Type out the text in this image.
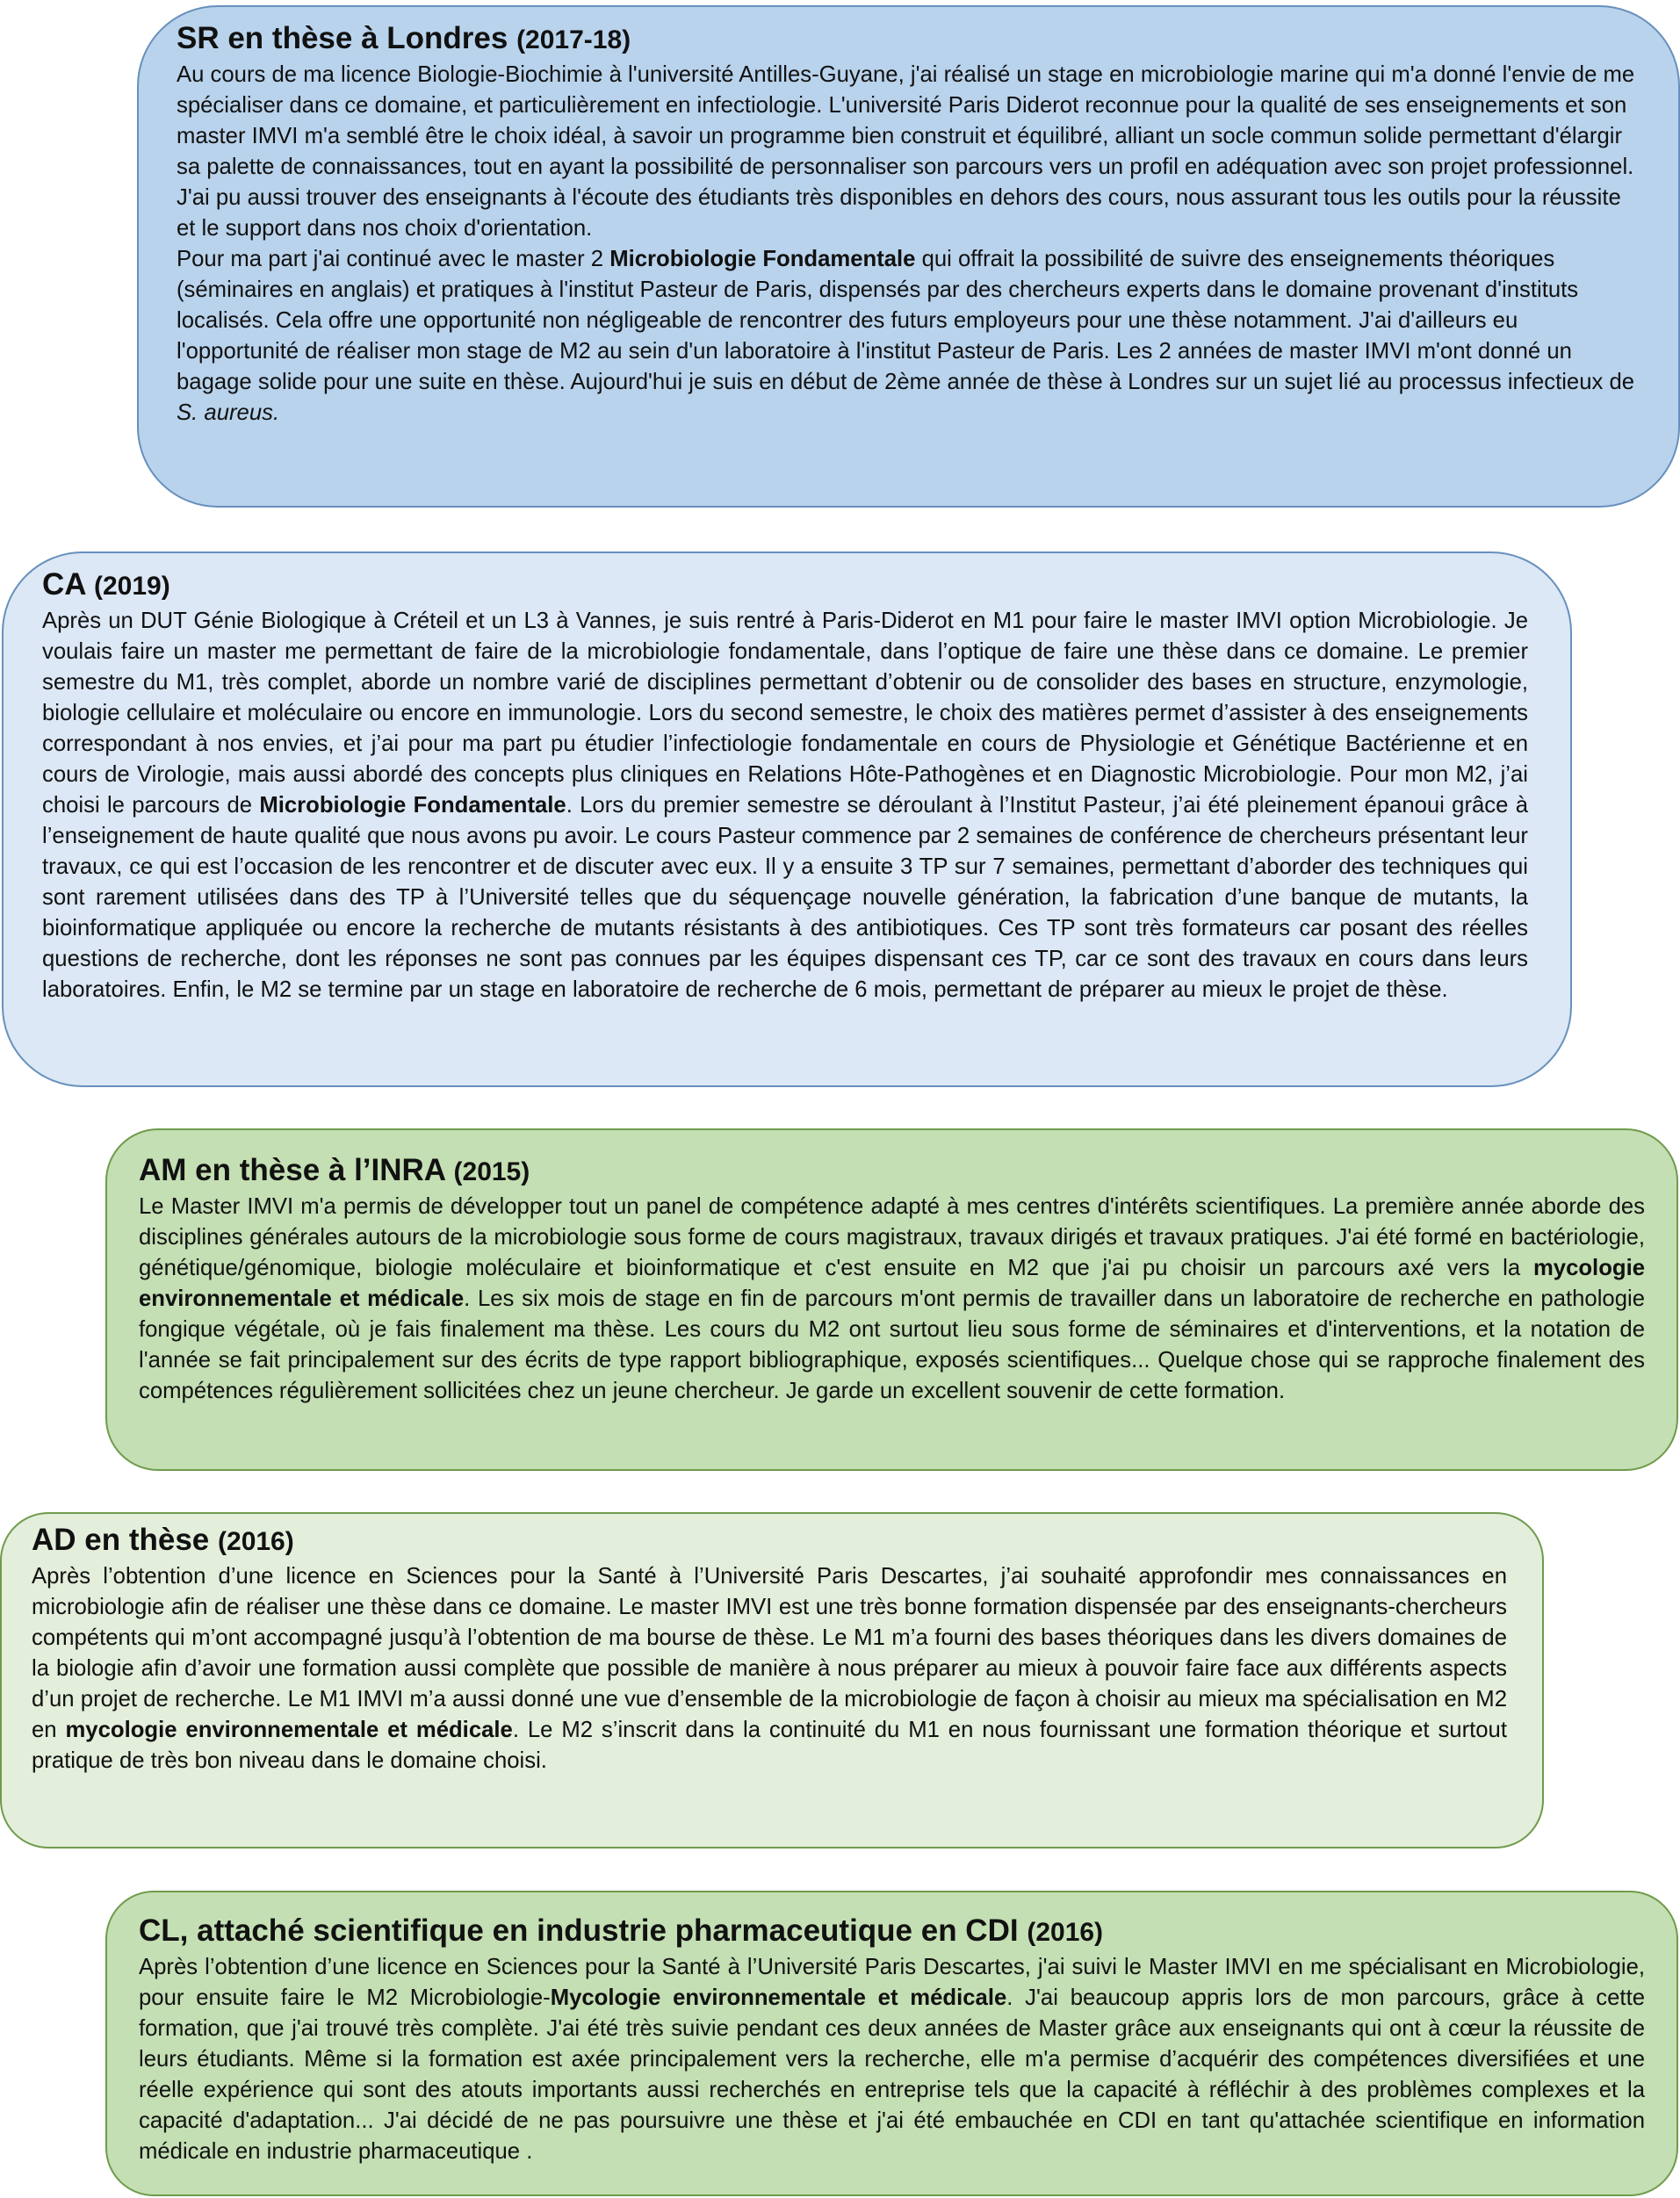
SR en thèse à Londres (2017-18)

Au cours de ma licence Biologie-Biochimie à l'université Antilles-Guyane, j'ai réalisé un stage en microbiologie marine qui m'a donné l'envie de me spécialiser dans ce domaine, et particulièrement en infectiologie. L'université Paris Diderot reconnue pour la qualité de ses enseignements et son master IMVI m'a semblé être le choix idéal, à savoir un programme bien construit et équilibré, alliant un socle commun solide permettant d'élargir sa palette de connaissances, tout en ayant la possibilité de personnaliser son parcours vers un profil en adéquation avec son projet professionnel. J'ai pu aussi trouver des enseignants à l'écoute des étudiants très disponibles en dehors des cours, nous assurant tous les outils pour la réussite et le support dans nos choix d'orientation.

Pour ma part j'ai continué avec le master 2 Microbiologie Fondamentale qui offrait la possibilité de suivre des enseignements théoriques (séminaires en anglais) et pratiques à l'institut Pasteur de Paris, dispensés par des chercheurs experts dans le domaine provenant d'instituts localisés. Cela offre une opportunité non négligeable de rencontrer des futurs employeurs pour une thèse notamment. J'ai d'ailleurs eu l'opportunité de réaliser mon stage de M2 au sein d'un laboratoire à l'institut Pasteur de Paris. Les 2 années de master IMVI m'ont donné un bagage solide pour une suite en thèse. Aujourd'hui je suis en début de 2ème année de thèse à Londres sur un sujet lié au processus infectieux de S. aureus.

CA (2019)

Après un DUT Génie Biologique à Créteil et un L3 à Vannes, je suis rentré à Paris-Diderot en M1 pour faire le master IMVI option Microbiologie. Je voulais faire un master me permettant de faire de la microbiologie fondamentale, dans l’optique de faire une thèse dans ce domaine. Le premier semestre du M1, très complet, aborde un nombre varié de disciplines permettant d’obtenir ou de consolider des bases en structure, enzymologie, biologie cellulaire et moléculaire ou encore en immunologie. Lors du second semestre, le choix des matières permet d’assister à des enseignements correspondant à nos envies, et j’ai pour ma part pu étudier l’infectiologie fondamentale en cours de Physiologie et Génétique Bactérienne et en cours de Virologie, mais aussi abordé des concepts plus cliniques en Relations Hôte-Pathogènes et en Diagnostic Microbiologie. Pour mon M2, j’ai choisi le parcours de Microbiologie Fondamentale. Lors du premier semestre se déroulant à l’Institut Pasteur, j’ai été pleinement épanoui grâce à l’enseignement de haute qualité que nous avons pu avoir. Le cours Pasteur commence par 2 semaines de conférence de chercheurs présentant leur travaux, ce qui est l’occasion de les rencontrer et de discuter avec eux. Il y a ensuite 3 TP sur 7 semaines, permettant d’aborder des techniques qui sont rarement utilisées dans des TP à l’Université telles que du séquençage nouvelle génération, la fabrication d’une banque de mutants, la bioinformatique appliquée ou encore la recherche de mutants résistants à des antibiotiques. Ces TP sont très formateurs car posant des réelles questions de recherche, dont les réponses ne sont pas connues par les équipes dispensant ces TP, car ce sont des travaux en cours dans leurs laboratoires. Enfin, le M2 se termine par un stage en laboratoire de recherche de 6 mois, permettant de préparer au mieux le projet de thèse.

AM en thèse à l’INRA (2015)

Le Master IMVI m'a permis de développer tout un panel de compétence adapté à mes centres d'intérêts scientifiques. La première année aborde des disciplines générales autours de la microbiologie sous forme de cours magistraux, travaux dirigés et travaux pratiques. J'ai été formé en bactériologie, génétique/génomique, biologie moléculaire et bioinformatique et c'est ensuite en M2 que j'ai pu choisir un parcours axé vers la mycologie environnementale et médicale. Les six mois de stage en fin de parcours m'ont permis de travailler dans un laboratoire de recherche en pathologie fongique végétale, où je fais finalement ma thèse. Les cours du M2 ont surtout lieu sous forme de séminaires et d'interventions, et la notation de l'année se fait principalement sur des écrits de type rapport bibliographique, exposés scientifiques... Quelque chose qui se rapproche finalement des compétences régulièrement sollicitées chez un jeune chercheur. Je garde un excellent souvenir de cette formation.

AD en thèse (2016)

Après l’obtention d’une licence en Sciences pour la Santé à l’Université Paris Descartes, j’ai souhaité approfondir mes connaissances en microbiologie afin de réaliser une thèse dans ce domaine. Le master IMVI est une très bonne formation dispensée par des enseignants-chercheurs compétents qui m’ont accompagné jusqu’à l’obtention de ma bourse de thèse. Le M1 m’a fourni des bases théoriques dans les divers domaines de la biologie afin d’avoir une formation aussi complète que possible de manière à nous préparer au mieux à pouvoir faire face aux différents aspects d’un projet de recherche. Le M1 IMVI m’a aussi donné une vue d’ensemble de la microbiologie de façon à choisir au mieux ma spécialisation en M2 en mycologie environnementale et médicale. Le M2 s’inscrit dans la continuité du M1 en nous fournissant une formation théorique et surtout pratique de très bon niveau dans le domaine choisi.

CL, attaché scientifique en industrie pharmaceutique en CDI (2016)

Après l’obtention d’une licence en Sciences pour la Santé à l’Université Paris Descartes, j'ai suivi le Master IMVI en me spécialisant en Microbiologie, pour ensuite faire le M2 Microbiologie-Mycologie environnementale et médicale. J'ai beaucoup appris lors de mon parcours, grâce à cette formation, que j'ai trouvé très complète. J'ai été très suivie pendant ces deux années de Master grâce aux enseignants qui ont à cœur la réussite de leurs étudiants. Même si la formation est axée principalement vers la recherche, elle m'a permise d’acquérir des compétences diversifiées et une réelle expérience qui sont des atouts importants aussi recherchés en entreprise tels que la capacité à réfléchir à des problèmes complexes et la capacité d'adaptation... J'ai décidé de ne pas poursuivre une thèse et j'ai été embauchée en CDI en tant qu'attachée scientifique en information médicale en industrie pharmaceutique .
